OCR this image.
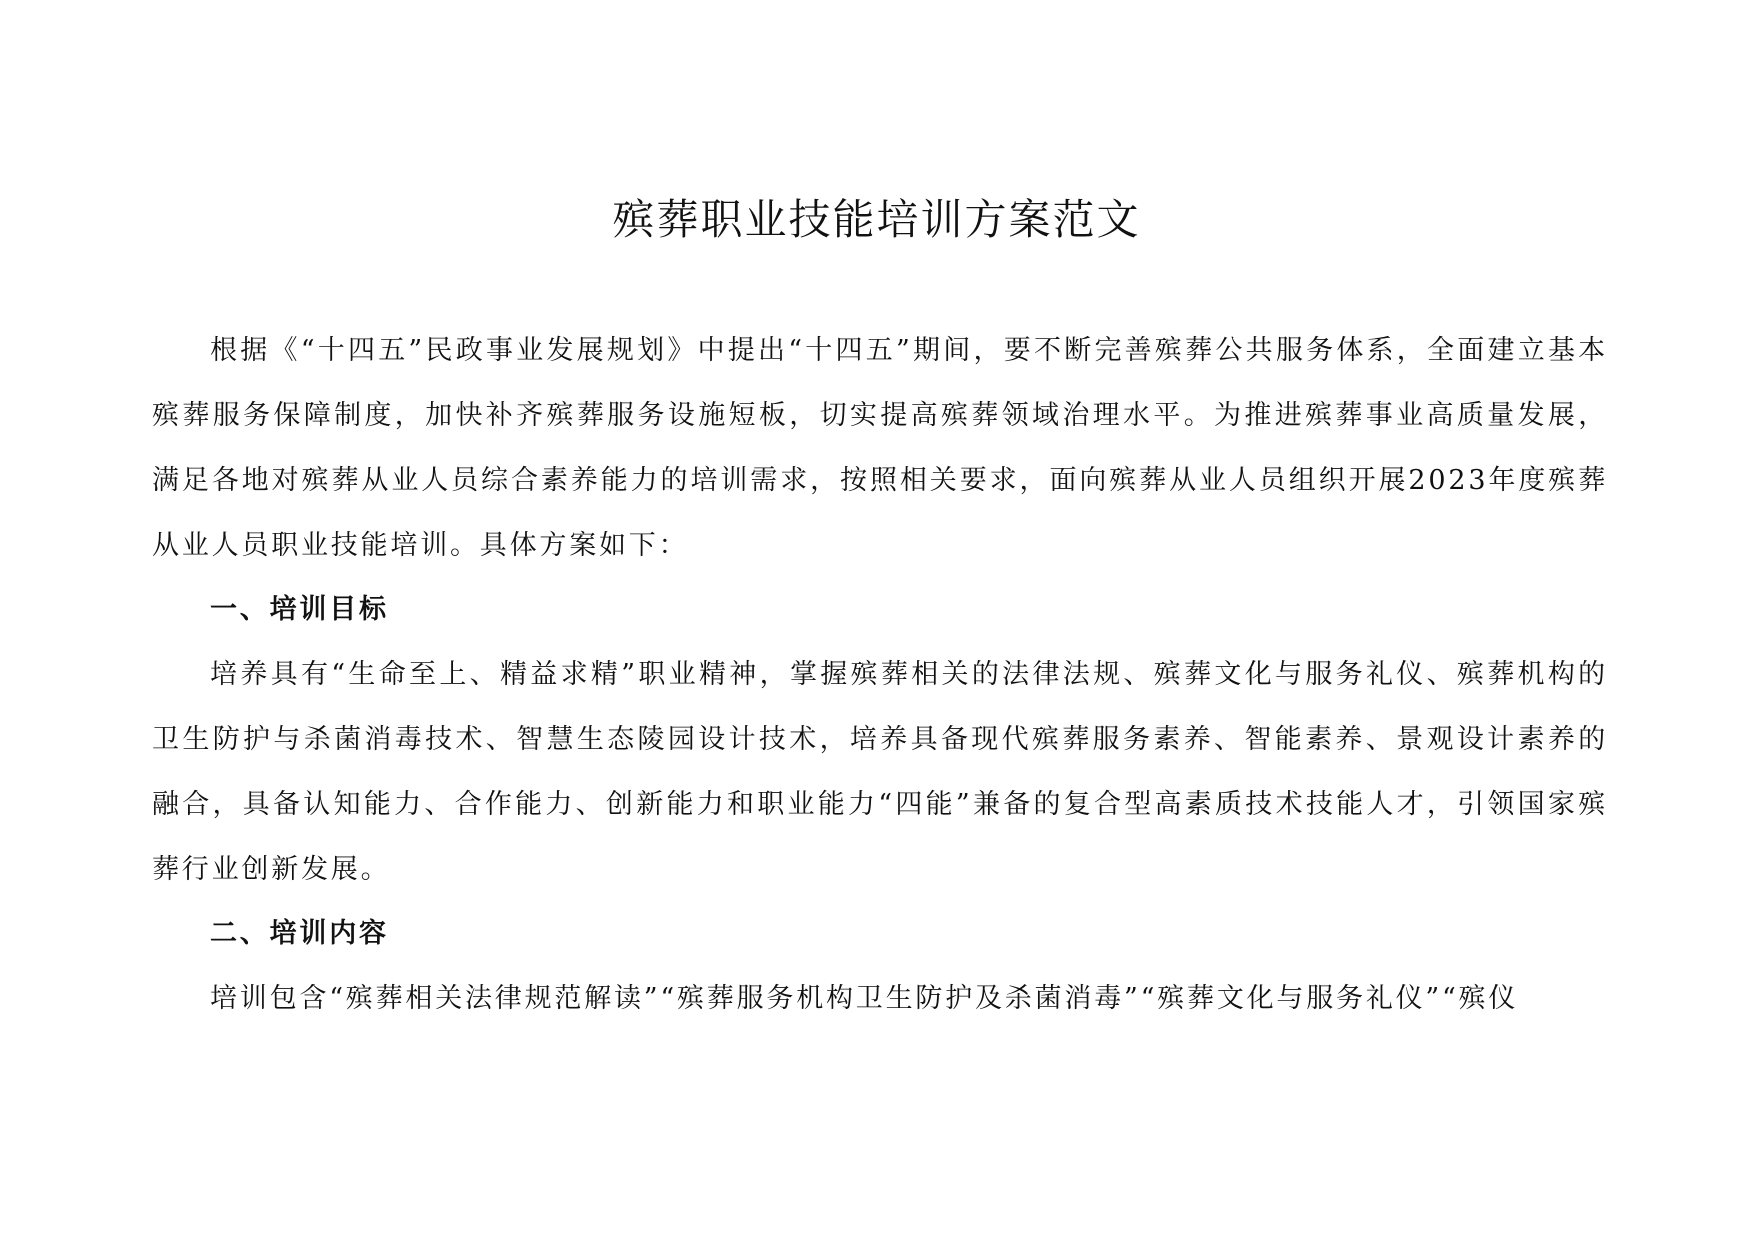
殡葬职业技能培训方案范文

根据《“十四五”民政事业发展规划》中提出“十四五”期间，要不断完善殡葬公共服务体系，全面建立基本殡葬服务保障制度，加快补齐殡葬服务设施短板，切实提高殡葬领域治理水平。为推进殡葬事业高质量发展，满足各地对殡葬从业人员综合素养能力的培训需求，按照相关要求，面向殡葬从业人员组织开展2023年度殡葬从业人员职业技能培训。具体方案如下：

一、培训目标

培养具有“生命至上、精益求精”职业精神，掌握殡葬相关的法律法规、殡葬文化与服务礼仪、殡葬机构的卫生防护与杀菌消毒技术、智慧生态陵园设计技术，培养具备现代殡葬服务素养、智能素养、景观设计素养的融合，具备认知能力、合作能力、创新能力和职业能力“四能”兼备的复合型高素质技术技能人才，引领国家殡葬行业创新发展。

二、培训内容

培训包含“殡葬相关法律规范解读”“殡葬服务机构卫生防护及杀菌消毒”“殡葬文化与服务礼仪”“殡仪
